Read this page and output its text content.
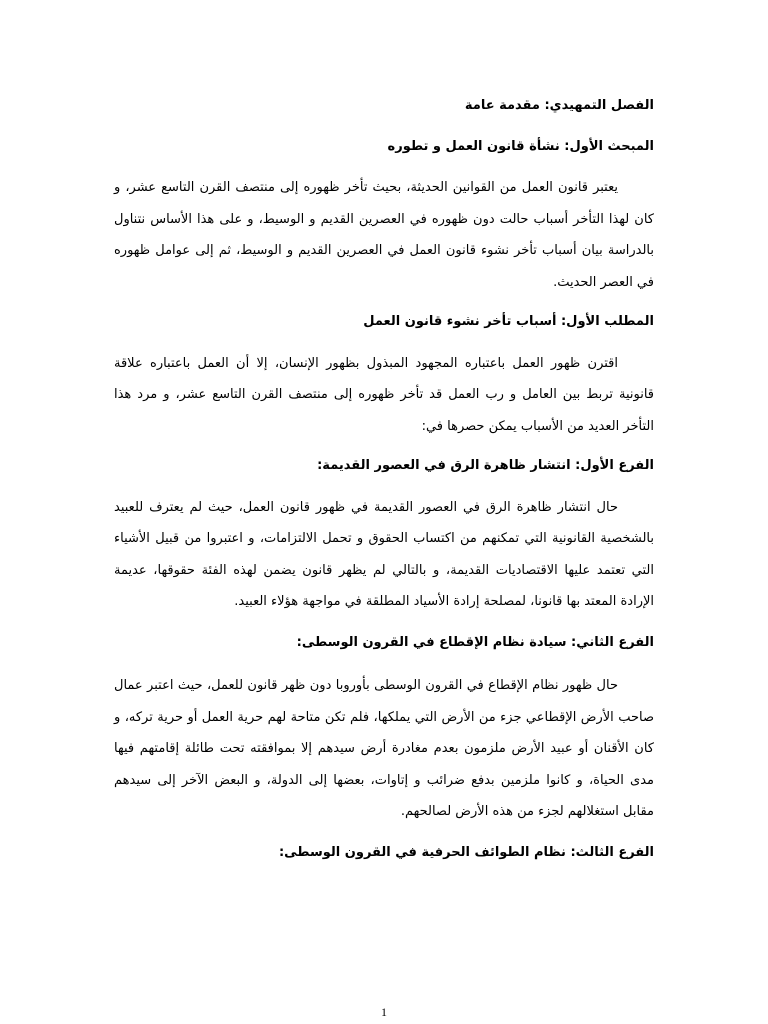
الفصل التمهيدي: مقدمة عامة

المبحث الأول: نشأة قانون العمل و تطوره

يعتبر قانون العمل من القوانين الحديثة، بحيث تأخر ظهوره إلى منتصف القرن التاسع عشر، و كان لهذا التأخر أسباب حالت دون ظهوره في العصرين القديم و الوسيط، و على هذا الأساس نتناول بالدراسة بيان أسباب تأخر نشوء قانون العمل في العصرين القديم و الوسيط، ثم إلى عوامل ظهوره في العصر الحديث.

المطلب الأول: أسباب تأخر نشوء قانون العمل

اقترن ظهور العمل باعتباره المجهود المبذول بظهور الإنسان، إلا أن العمل باعتباره علاقة قانونية تربط بين العامل و رب العمل قد تأخر ظهوره إلى منتصف القرن التاسع عشر، و مرد هذا التأخر العديد من الأسباب يمكن حصرها في:

الفرع الأول: انتشار ظاهرة الرق في العصور القديمة:

حال انتشار ظاهرة الرق في العصور القديمة في ظهور قانون العمل، حيث لم يعترف للعبيد بالشخصية القانونية التي تمكنهم من اكتساب الحقوق و تحمل الالتزامات، و اعتبروا من قبيل الأشياء التي تعتمد عليها الاقتصاديات القديمة، و بالتالي لم يظهر قانون يضمن لهذه الفئة حقوقها، عديمة الإرادة المعتد بها قانونا، لمصلحة إرادة الأسياد المطلقة في مواجهة هؤلاء العبيد.

الفرع الثاني: سيادة نظام الإقطاع في القرون الوسطى:

حال ظهور نظام الإقطاع في القرون الوسطى بأوروبا دون ظهر قانون للعمل، حيث اعتبر عمال صاحب الأرض الإقطاعي جزء من الأرض التي يملكها، فلم تكن متاحة لهم حرية العمل أو حرية تركه، و كان الأقنان أو عبيد الأرض ملزمون بعدم مغادرة أرض سيدهم إلا بموافقته تحت طائلة إقامتهم فيها مدى الحياة، و كانوا ملزمين بدفع ضرائب و إتاوات، بعضها إلى الدولة، و البعض الآخر إلى سيدهم مقابل استغلالهم لجزء من هذه الأرض لصالحهم.

الفرع الثالث: نظام الطوائف الحرفية في القرون الوسطى:

1
